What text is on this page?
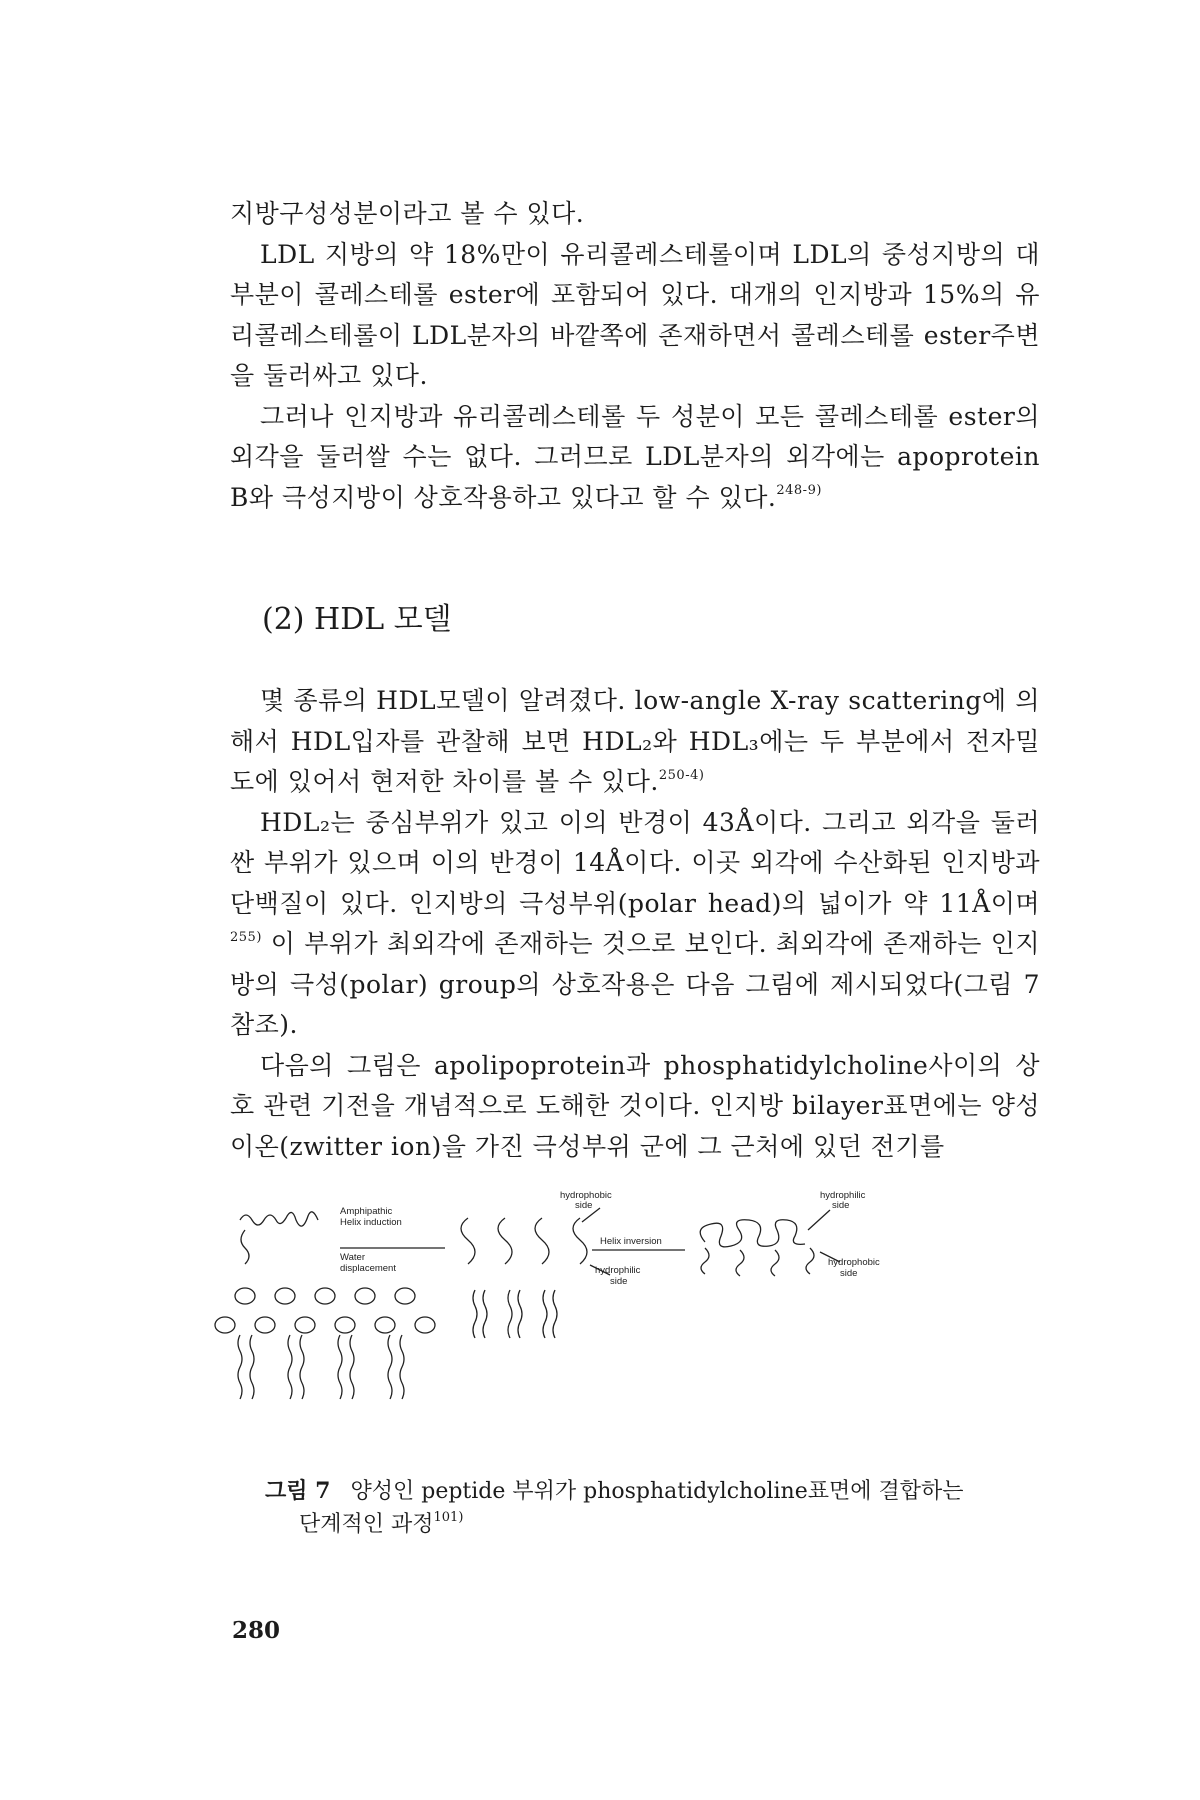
지방구성성분이라고 볼 수 있다.

LDL 지방의 약 18%만이 유리콜레스테롤이며 LDL의 중성지방의 대부분이 콜레스테롤 ester에 포함되어 있다. 대개의 인지방과 15%의 유리콜레스테롤이 LDL분자의 바깥쪽에 존재하면서 콜레스테롤 ester주변을 둘러싸고 있다.

그러나 인지방과 유리콜레스테롤 두 성분이 모든 콜레스테롤 ester의 외각을 둘러쌀 수는 없다. 그러므로 LDL분자의 외각에는 apoprotein B와 극성지방이 상호작용하고 있다고 할 수 있다.$^{248-9)}$

(2) HDL 모델

몇 종류의 HDL모델이 알려졌다. low-angle X-ray scattering에 의해서 HDL입자를 관찰해 보면 HDL₂와 HDL₃에는 두 부분에서 전자밀도에 있어서 현저한 차이를 볼 수 있다.$^{250-4)}$

HDL₂는 중심부위가 있고 이의 반경이 43Å이다. 그리고 외각을 둘러싼 부위가 있으며 이의 반경이 14Å이다. 이곳 외각에 수산화된 인지방과 단백질이 있다. 인지방의 극성부위(polar head)의 넓이가 약 11Å이며$^{255)}$ 이 부위가 최외각에 존재하는 것으로 보인다. 최외각에 존재하는 인지방의 극성(polar) group의 상호작용은 다음 그림에 제시되었다(그림 7 참조).

다음의 그림은 apolipoprotein과 phosphatidylcholine사이의 상호 관련 기전을 개념적으로 도해한 것이다. 인지방 bilayer표면에는 양성이온(zwitter ion)을 가진 극성부위 군에 그 근처에 있던 전기를

Amphipathic
Helix induction
Water
displacement
hydrophobic
side
Helix inversion
hydrophilic
side
hydrophilic
side
hydrophobic
side
그림 7 양성인 peptide 부위가 phosphatidylcholine표면에 결합하는
단계적인 과정$^{101)}$
280
